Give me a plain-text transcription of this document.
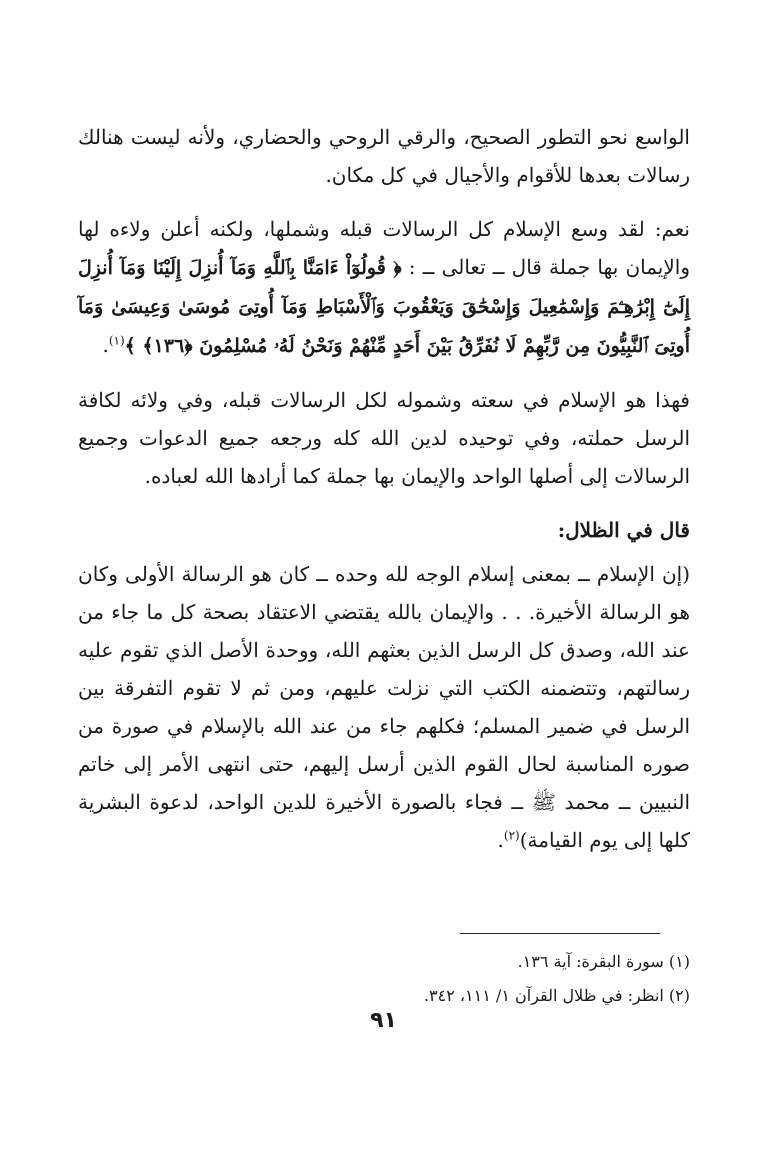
الواسع نحو التطور الصحيح، والرقي الروحي والحضاري، ولأنه ليست هنالك رسالات بعدها للأقوام والأجيال في كل مكان.

نعم: لقد وسع الإسلام كل الرسالات قبله وشملها، ولكنه أعلن ولاءه لها والإيمان بها جملة قال ــ تعالى ــ : ﴿ قُولُوٓاْ ءَامَنَّا بِٱللَّهِ وَمَآ أُنزِلَ إِلَيْنَا وَمَآ أُنزِلَ إِلَىٰٓ إِبْرَٰهِـۧمَ وَإِسْمَٰعِيلَ وَإِسْحَٰقَ وَيَعْقُوبَ وَٱلْأَسْبَاطِ وَمَآ أُوتِىَ مُوسَىٰ وَعِيسَىٰ وَمَآ أُوتِىَ ٱلنَّبِيُّونَ مِن رَّبِّهِمْ لَا نُفَرِّقُ بَيْنَ أَحَدٍ مِّنْهُمْ وَنَحْنُ لَهُۥ مُسْلِمُونَ ﴿١٣٦﴾ ﴾$^{(١)}$.

فهذا هو الإسلام في سعته وشموله لكل الرسالات قبله، وفي ولائه لكافة الرسل حملته، وفي توحيده لدين الله كله ورجعه جميع الدعوات وجميع الرسالات إلى أصلها الواحد والإيمان بها جملة كما أرادها الله لعباده.

قال في الظلال:

(إن الإسلام ــ بمعنى إسلام الوجه لله وحده ــ كان هو الرسالة الأولى وكان هو الرسالة الأخيرة. . . والإيمان بالله يقتضي الاعتقاد بصحة كل ما جاء من عند الله، وصدق كل الرسل الذين بعثهم الله، ووحدة الأصل الذي تقوم عليه رسالتهم، وتتضمنه الكتب التي نزلت عليهم، ومن ثم لا تقوم التفرقة بين الرسل في ضمير المسلم؛ فكلهم جاء من عند الله بالإسلام في صورة من صوره المناسبة لحال القوم الذين أرسل إليهم، حتى انتهى الأمر إلى خاتم النبيين ــ محمد ﷺ ــ فجاء بالصورة الأخيرة للدين الواحد، لدعوة البشرية كلها إلى يوم القيامة)$^{(٢)}$.

(١) سورة البقرة: آية ١٣٦.

(٢) انظر: في ظلال القرآن ١/ ١١١، ٣٤٢.

٩١
